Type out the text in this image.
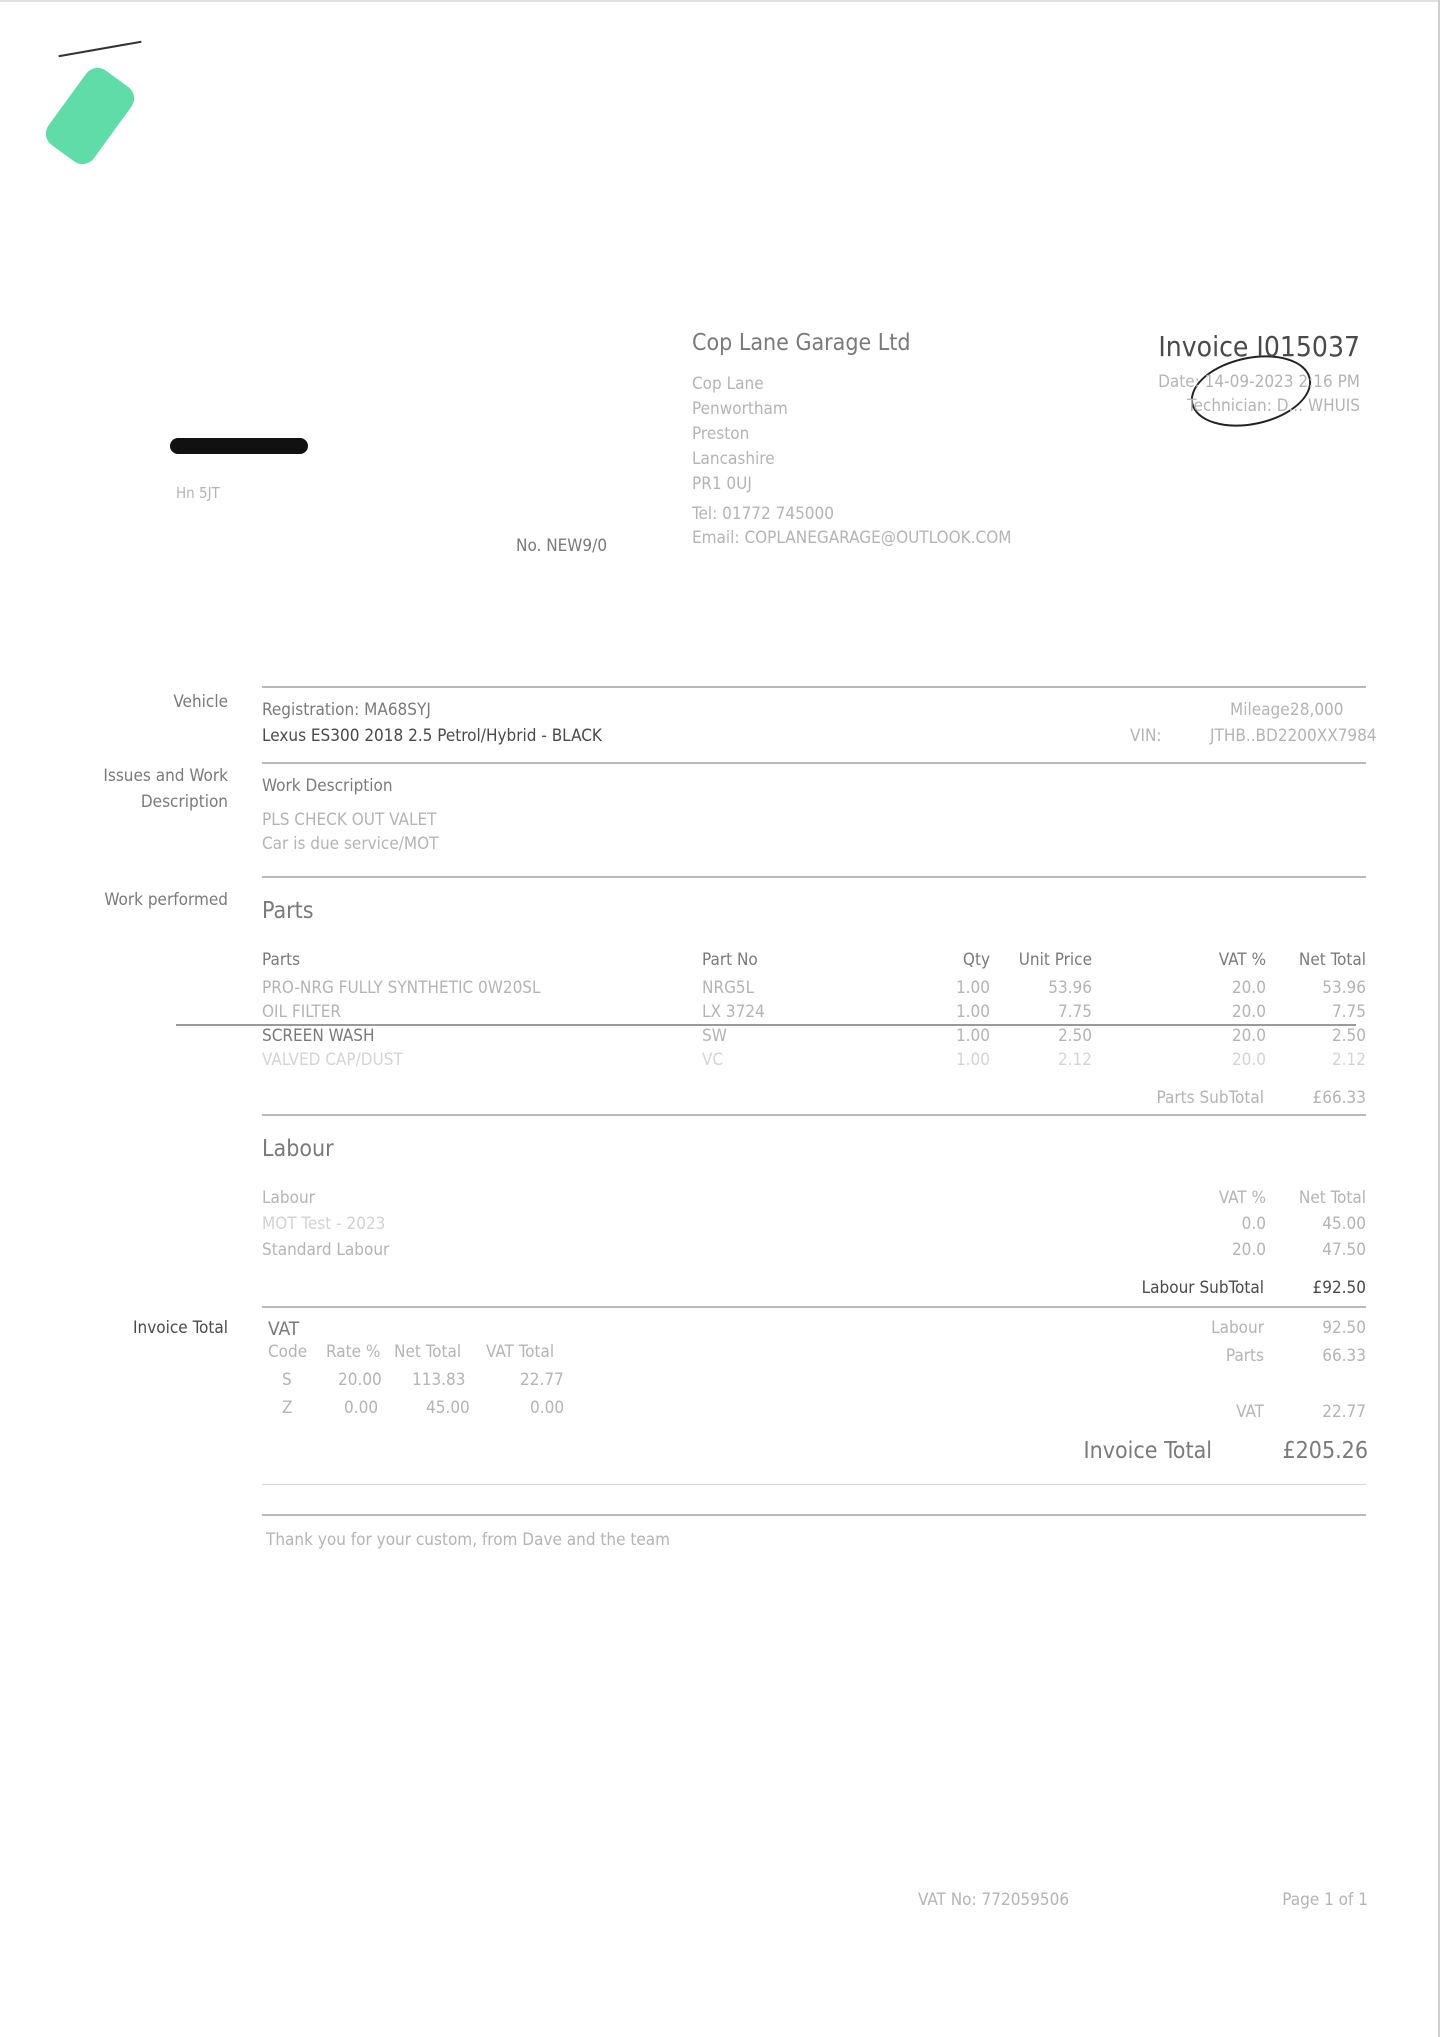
Hn 5JT
No. NEW9/0
Cop Lane Garage Ltd
Cop Lane
Penwortham
Preston
Lancashire
PR1 0UJ
Tel: 01772 745000
Email: COPLANEGARAGE@OUTLOOK.COM
Invoice I015037
Date: 14-09-2023 2:16 PM
Technician: D... WHUIS
Vehicle Registration: MA68SYJ
Lexus ES300 2018 2.5 Petrol/Hybrid - BLACK
Mileage:
28,000
VIN:	JTHB..BD2200XX7984
Issues and Work
Description
Work Description
PLS CHECK OUT VALET
Car is due service/MOT
Work performed Parts
Parts	Part No	Qty Unit Price	VAT % Net Total
PRO-NRG FULLY SYNTHETIC 0W20SL	NRG5L	1.00	53.96	20.0	53.96
OIL FILTER	LX 3724	1.00	7.75	20.0	7.75
SCREEN WASH	SW	1.00	2.50	20.0	2.50
VALVED CAP/DUST	VC	1.00	2.12	20.0	2.12
Parts SubTotal	£66.33
Labour
Labour	VAT % Net Total
MOT Test - 2023	0.0	45.00
Standard Labour	20.0	47.50
Labour SubTotal	£92.50
Invoice Total VAT
Code Rate % Net Total VAT Total
S	20.00 113.83	22.77
Z	0.00	45.00	0.00
Labour	92.50
Parts	66.33
VAT	22.77
Invoice Total	£205.26
Thank you for your custom, from Dave and the team
VAT No: 772059506	Page 1 of 1
